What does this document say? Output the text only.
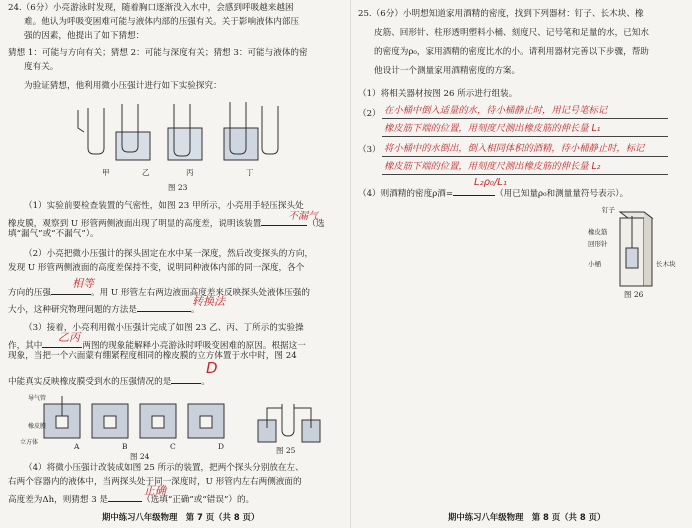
24.（6分）小亮游泳时发现，随着胸口逐渐没入水中，会感到呼吸越来越困
难。他认为呼吸变困难可能与液体内部的压强有关。关于影响液体内部压
强的因素，他提出了如下猜想：
猜想 1：可能与方向有关；猜想 2：可能与深度有关；猜想 3：可能与液体的密
度有关。
为验证猜想，他利用微小压强计进行如下实验探究：
甲	乙	丙	丁
图 23
（1）实验前要检查装置的气密性，如图 23 甲所示，小亮用手轻压探头处
橡皮膜，观察到 U 形管两侧液面出现了明显的高度差，说明该装置	（选
不漏气
填“漏气”或“不漏气”）。
（2）小亮把微小压强计的探头固定在水中某一深度，然后改变探头的方向，
发现 U 形管两侧液面的高度差保持不变，说明同种液体内部的同一深度，各个
方向的压强	。用 U 形管左右两边液面高度差来反映探头处液体压强的
相等
大小，这种研究物理问题的方法是	。
转换法
（3）接着，小亮利用微小压强计完成了如图 23 乙、丙、丁所示的实验操
作，其中	两图的现象能解释小亮游泳时呼吸变困难的原因。根据这一
乙丙
现象，当把一个六面蒙有绷紧程度相同的橡皮膜的立方体置于水中时，图 24
中能真实反映橡皮膜受到水的压强情况的是	。
D
导气管
橡皮膜
立方体	A	B	C	D
图 24
图 25
（4）将微小压强计改装成如图 25 所示的装置，把两个探头分别放在左、
右两个容器内的液体中，当两探头处于同一深度时，U 形管内左右两侧液面的
高度差为Δh，则猜想 3 是	（选填“正确”或“错误”）的。
正确
期中练习八年级物理　第 7 页（共 8 页）
25.（6分）小明想知道家用酒精的密度，找到下列器材：钉子、长木块、橡
皮筋、回形针、柱形透明塑料小桶、刻度尺、记号笔和足量的水，已知水
的密度为ρ₀，家用酒精的密度比水的小。请利用器材完善以下步骤，帮助
他设计一个测量家用酒精密度的方案。
（1）将相关器材按图 26 所示进行组装。
（2） 在小桶中倒入适量的水，待小桶静止时，用记号笔标记
橡皮筋下端的位置，用刻度尺测出橡皮筋的伸长量 L₁
（3） 将小桶中的水倒出，倒入相同体积的酒精，待小桶静止时，标记
橡皮筋下端的位置，用刻度尺测出橡皮筋的伸长量 L₂
（4）则酒精的密度ρ酒=	（用已知量ρ₀和测量量符号表示）。
L₂ρ₀/L₁
钉子
橡皮筋
回形针
小桶	长木块
图 26
期中练习八年级物理　第 8 页（共 8 页）
